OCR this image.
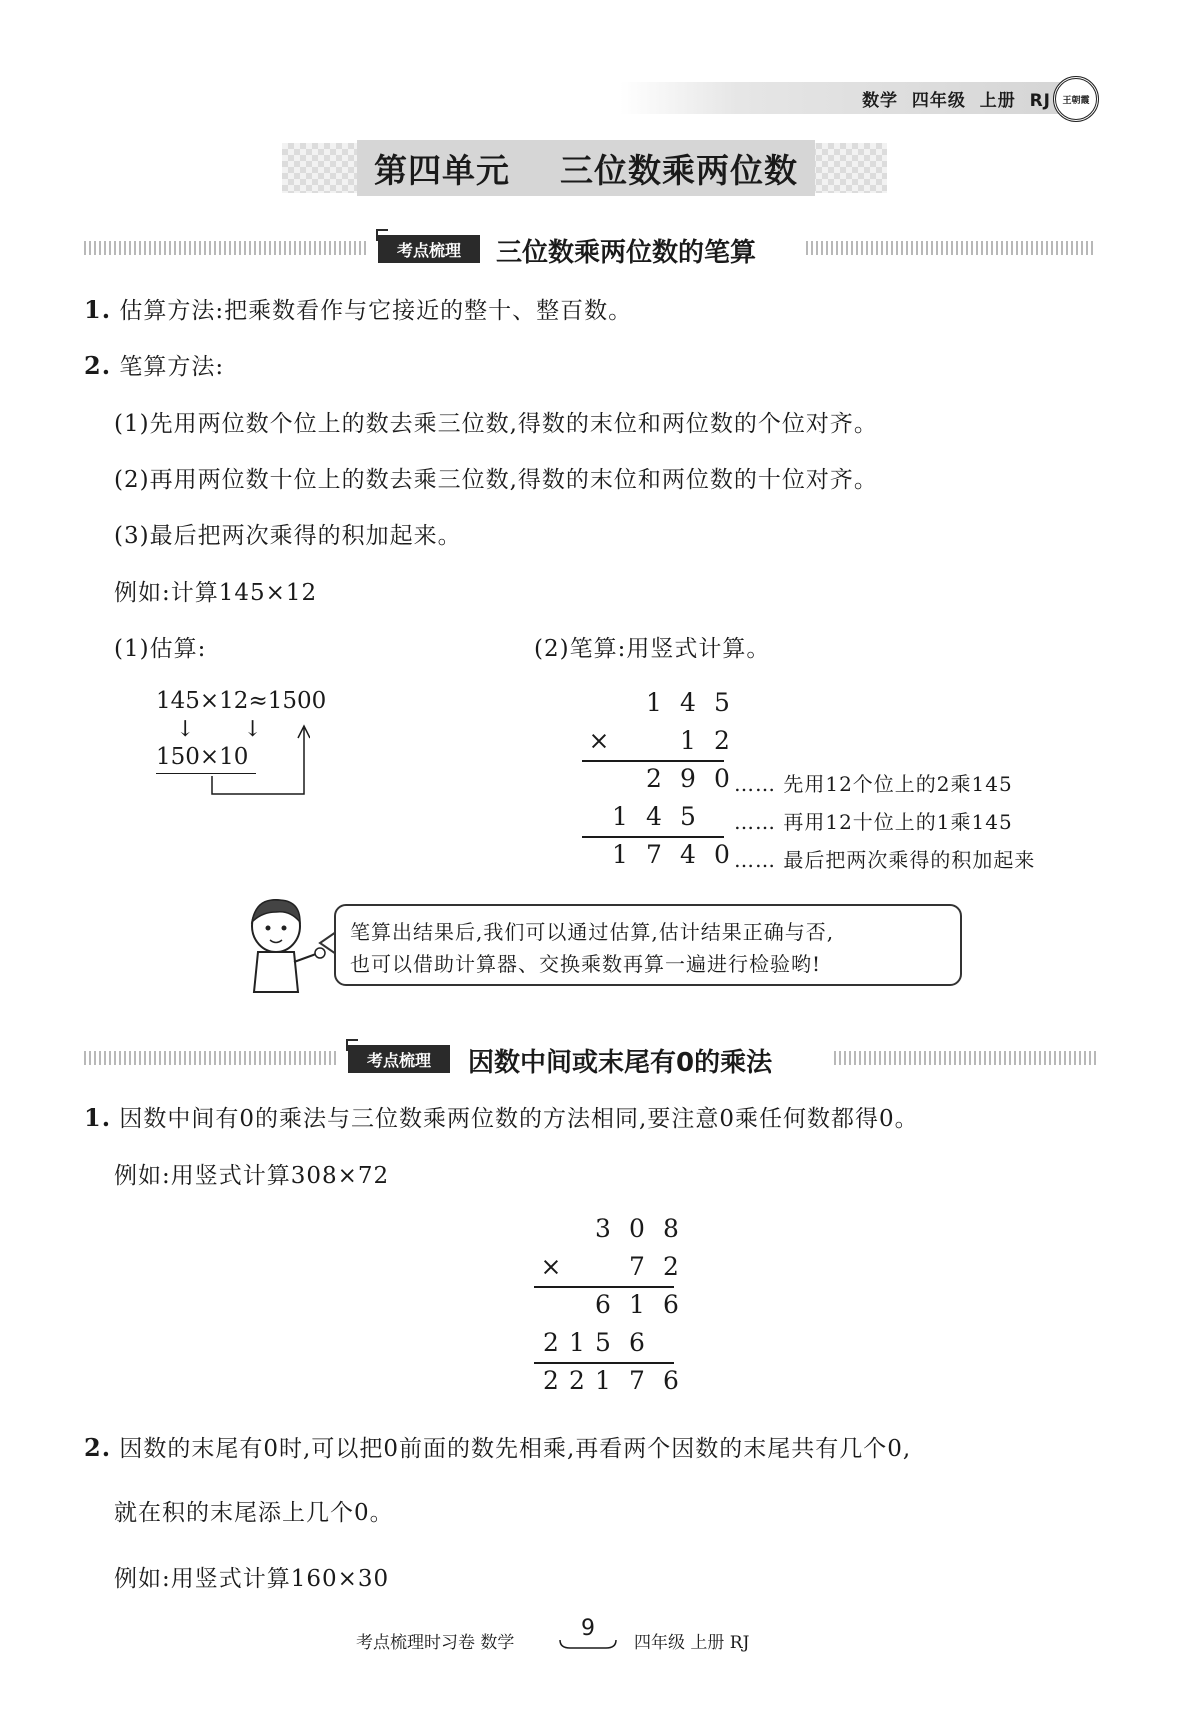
数学  四年级  上册  RJ 王朝霞
第四单元    三位数乘两位数
考点梳理	三位数乘两位数的笔算
1. 估算方法:把乘数看作与它接近的整十、整百数。
2. 笔算方法:
(1)先用两位数个位上的数去乘三位数,得数的末位和两位数的个位对齐。
(2)再用两位数十位上的数去乘三位数,得数的末位和两位数的十位对齐。
(3)最后把两次乘得的积加起来。
例如:计算145×12
(1)估算:	(2)笔算:用竖式计算。
145×12≈1500
↓       ↓
150×10
1 4 5
×	1 2
2 9 0 …… 先用12个位上的2乘145
1 4 5	…… 再用12十位上的1乘145
1 7 4 0 …… 最后把两次乘得的积加起来
笔算出结果后,我们可以通过估算,估计结果正确与否,
也可以借助计算器、交换乘数再算一遍进行检验哟!
考点梳理	因数中间或末尾有0的乘法
1. 因数中间有0的乘法与三位数乘两位数的方法相同,要注意0乘任何数都得0。
例如:用竖式计算308×72
3 0 8
×	7 2
6 1 6
2 1 5 6
2 2 1 7 6
2. 因数的末尾有0时,可以把0前面的数先相乘,再看两个因数的末尾共有几个0,
就在积的末尾添上几个0。
例如:用竖式计算160×30
考点梳理时习卷 数学
9
四年级 上册 RJ
